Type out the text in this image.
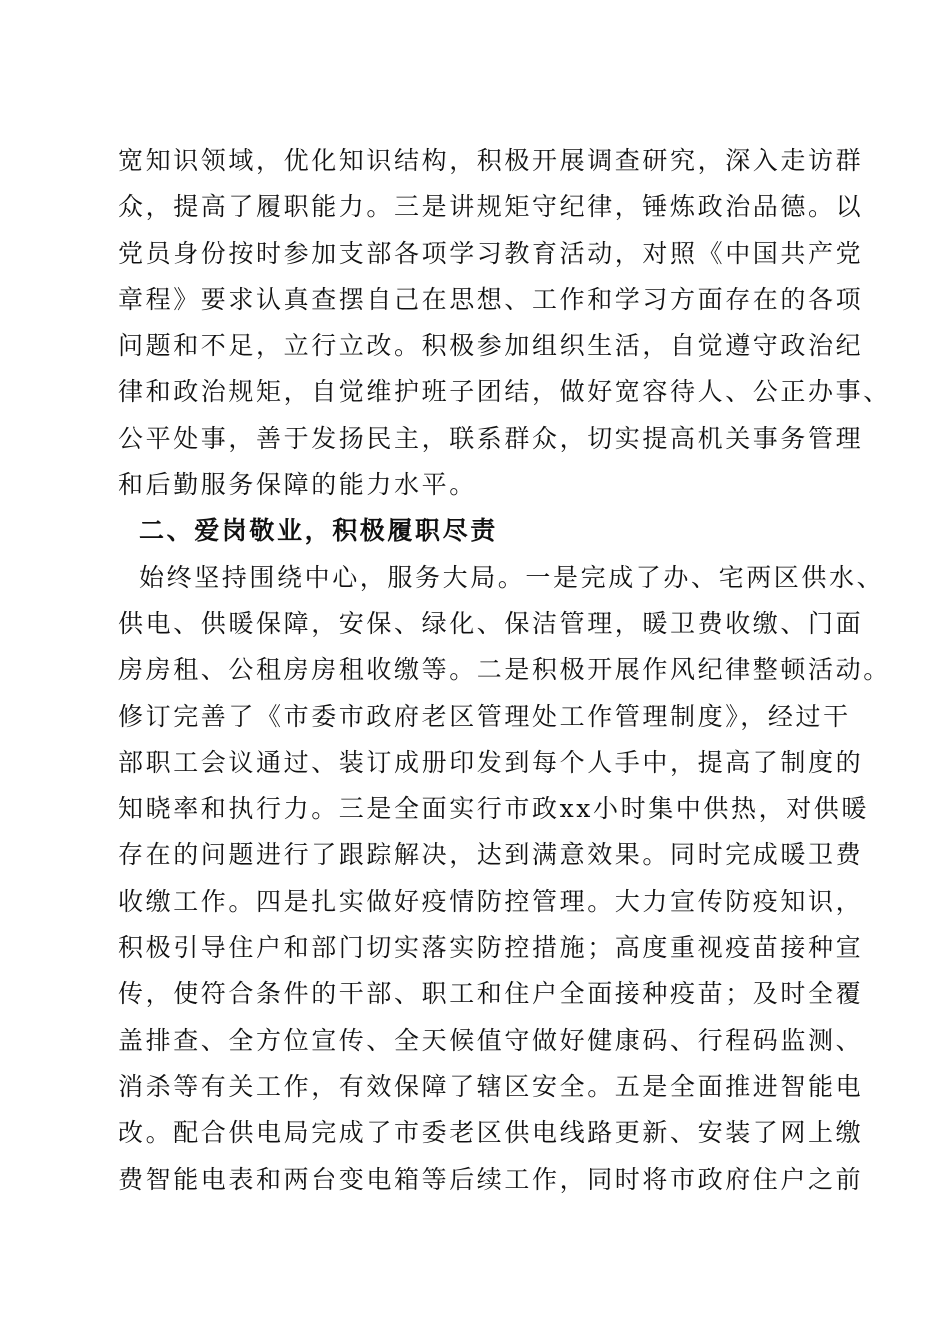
宽知识领域，优化知识结构，积极开展调查研究，深入走访群
众，提高了履职能力。三是讲规矩守纪律，锤炼政治品德。以
党员身份按时参加支部各项学习教育活动，对照《中国共产党
章程》要求认真查摆自己在思想、工作和学习方面存在的各项
问题和不足，立行立改。积极参加组织生活，自觉遵守政治纪
律和政治规矩，自觉维护班子团结，做好宽容待人、公正办事、
公平处事，善于发扬民主，联系群众，切实提高机关事务管理
和后勤服务保障的能力水平。
二、爱岗敬业，积极履职尽责
始终坚持围绕中心，服务大局。一是完成了办、宅两区供水、
供电、供暖保障，安保、绿化、保洁管理，暖卫费收缴、门面
房房租、公租房房租收缴等。二是积极开展作风纪律整顿活动。
修订完善了《市委市政府老区管理处工作管理制度》，经过干
部职工会议通过、装订成册印发到每个人手中，提高了制度的
知晓率和执行力。三是全面实行市政xx小时集中供热，对供暖
存在的问题进行了跟踪解决，达到满意效果。同时完成暖卫费
收缴工作。四是扎实做好疫情防控管理。大力宣传防疫知识，
积极引导住户和部门切实落实防控措施；高度重视疫苗接种宣
传，使符合条件的干部、职工和住户全面接种疫苗；及时全覆
盖排查、全方位宣传、全天候值守做好健康码、行程码监测、
消杀等有关工作，有效保障了辖区安全。五是全面推进智能电
改。配合供电局完成了市委老区供电线路更新、安装了网上缴
费智能电表和两台变电箱等后续工作，同时将市政府住户之前
